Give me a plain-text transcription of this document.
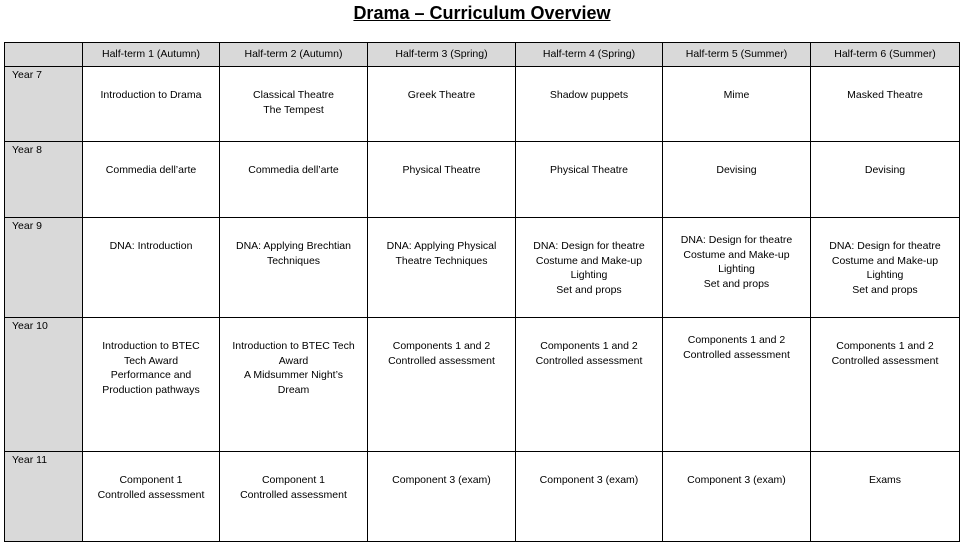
Drama – Curriculum Overview
	Half-term 1 (Autumn)	Half-term 2 (Autumn)	Half-term 3 (Spring)	Half-term 4 (Spring)	Half-term 5 (Summer)	Half-term 6 (Summer)
Year 7	Introduction to Drama	Classical Theatre
The Tempest	Greek Theatre	Shadow puppets	Mime	Masked Theatre

Year 8	Commedia dell’arte	Commedia dell’arte	Physical Theatre	Physical Theatre	Devising	Devising

Year 9	DNA: Introduction	DNA: Applying Brechtian
Techniques	DNA: Applying Physical
Theatre Techniques	DNA: Design for theatre
Costume and Make-up
Lighting
Set and props	DNA: Design for theatre
Costume and Make-up
Lighting
Set and props	DNA: Design for theatre
Costume and Make-up
Lighting
Set and props

Year 10	Introduction to BTEC
Tech Award
Performance and
Production pathways	Introduction to BTEC Tech
Award
A Midsummer Night’s
Dream	Components 1 and 2
Controlled assessment	Components 1 and 2
Controlled assessment	Components 1 and 2
Controlled assessment	Components 1 and 2
Controlled assessment

Year 11	Component 1
Controlled assessment	Component 1
Controlled assessment	Component 3 (exam)	Component 3 (exam)	Component 3 (exam)	Exams
